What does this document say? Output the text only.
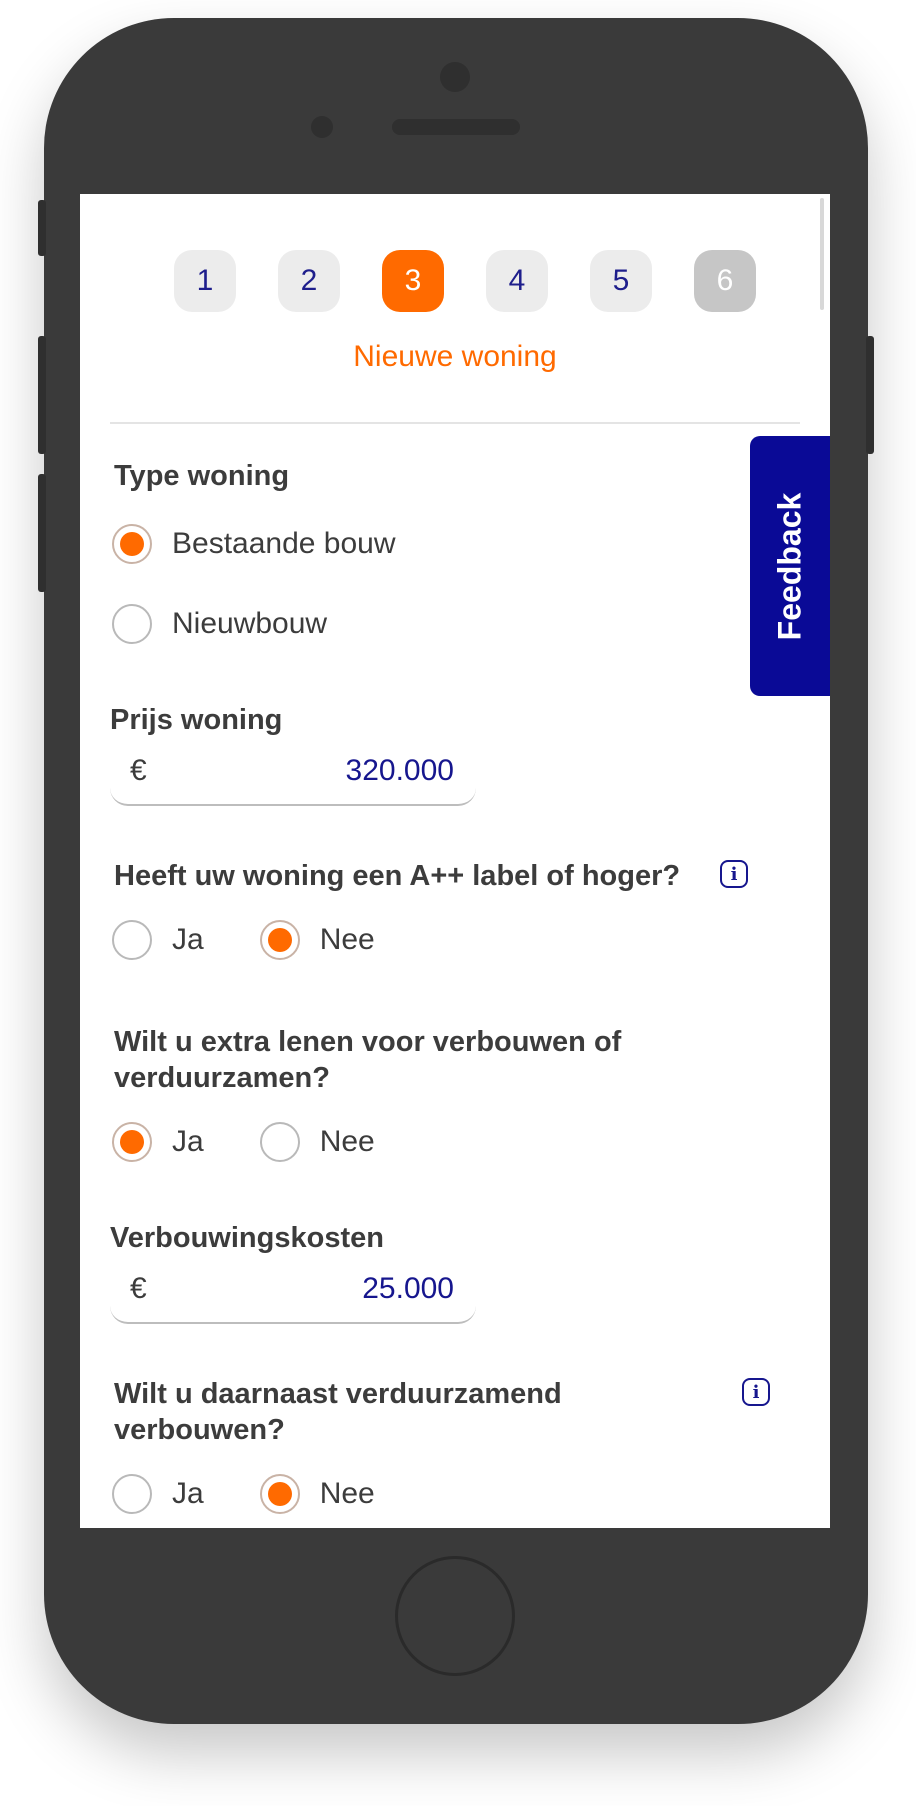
1	2	3	4	5	6
Nieuwe woning
Type woning
Bestaande bouw
Nieuwbouw
Prijs woning
€	320.000
Heeft uw woning een A++ label of hoger?	i
Ja	Nee
Wilt u extra lenen voor verbouwen of verduurzamen?
Ja	Nee
Verbouwingskosten
€	25.000
Wilt u daarnaast verduurzamend verbouwen?
i
Ja	Nee
Feedback
